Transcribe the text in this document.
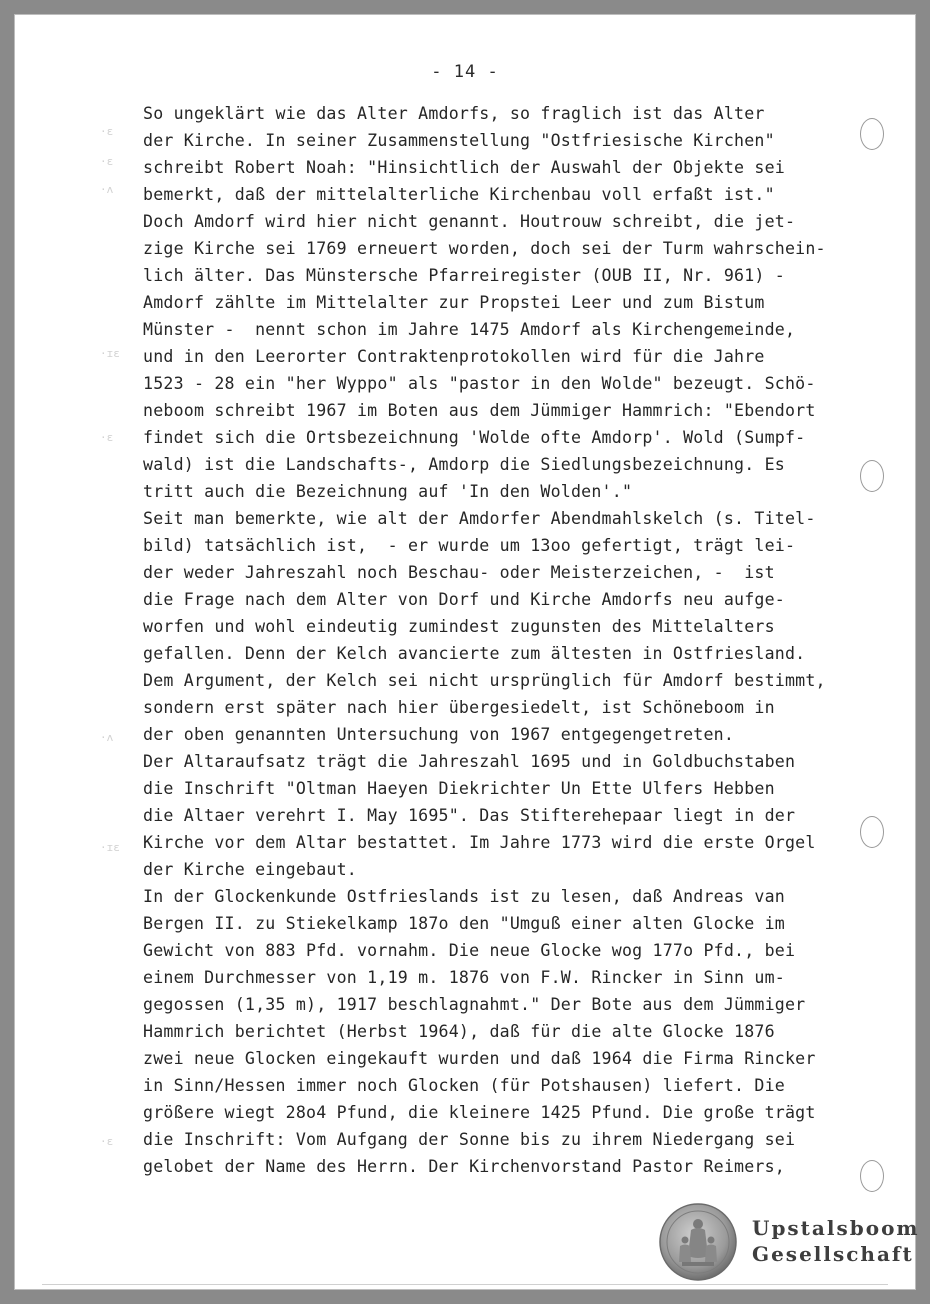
- 14 -
·ɛ
·ɛ
·ʌ
·ɪɛ
·ɛ
·ʌ
·ɪɛ
·ɛ
So ungeklärt wie das Alter Amdorfs, so fraglich ist das Alter
der Kirche. In seiner Zusammenstellung "Ostfriesische Kirchen"
schreibt Robert Noah: "Hinsichtlich der Auswahl der Objekte sei
bemerkt, daß der mittelalterliche Kirchenbau voll erfaßt ist."
Doch Amdorf wird hier nicht genannt. Houtrouw schreibt, die jet-
zige Kirche sei 1769 erneuert worden, doch sei der Turm wahrschein-
lich älter. Das Münstersche Pfarreiregister (OUB II, Nr. 961) -
Amdorf zählte im Mittelalter zur Propstei Leer und zum Bistum
Münster -  nennt schon im Jahre 1475 Amdorf als Kirchengemeinde,
und in den Leerorter Contraktenprotokollen wird für die Jahre
1523 - 28 ein "her Wyppo" als "pastor in den Wolde" bezeugt. Schö-
neboom schreibt 1967 im Boten aus dem Jümmiger Hammrich: "Ebendort
findet sich die Ortsbezeichnung 'Wolde ofte Amdorp'. Wold (Sumpf-
wald) ist die Landschafts-, Amdorp die Siedlungsbezeichnung. Es
tritt auch die Bezeichnung auf 'In den Wolden'."
Seit man bemerkte, wie alt der Amdorfer Abendmahlskelch (s. Titel-
bild) tatsächlich ist,  - er wurde um 13oo gefertigt, trägt lei-
der weder Jahreszahl noch Beschau- oder Meisterzeichen, -  ist
die Frage nach dem Alter von Dorf und Kirche Amdorfs neu aufge-
worfen und wohl eindeutig zumindest zugunsten des Mittelalters
gefallen. Denn der Kelch avancierte zum ältesten in Ostfriesland.
Dem Argument, der Kelch sei nicht ursprünglich für Amdorf bestimmt,
sondern erst später nach hier übergesiedelt, ist Schöneboom in
der oben genannten Untersuchung von 1967 entgegengetreten.
Der Altaraufsatz trägt die Jahreszahl 1695 und in Goldbuchstaben
die Inschrift "Oltman Haeyen Diekrichter Un Ette Ulfers Hebben
die Altaer verehrt I. May 1695". Das Stifterehepaar liegt in der
Kirche vor dem Altar bestattet. Im Jahre 1773 wird die erste Orgel
der Kirche eingebaut.
In der Glockenkunde Ostfrieslands ist zu lesen, daß Andreas van
Bergen II. zu Stiekelkamp 187o den "Umguß einer alten Glocke im
Gewicht von 883 Pfd. vornahm. Die neue Glocke wog 177o Pfd., bei
einem Durchmesser von 1,19 m. 1876 von F.W. Rincker in Sinn um-
gegossen (1,35 m), 1917 beschlagnahmt." Der Bote aus dem Jümmiger
Hammrich berichtet (Herbst 1964), daß für die alte Glocke 1876
zwei neue Glocken eingekauft wurden und daß 1964 die Firma Rincker
in Sinn/Hessen immer noch Glocken (für Potshausen) liefert. Die
größere wiegt 28o4 Pfund, die kleinere 1425 Pfund. Die große trägt
die Inschrift: Vom Aufgang der Sonne bis zu ihrem Niedergang sei
gelobet der Name des Herrn. Der Kirchenvorstand Pastor Reimers,
Upstalsboom
Gesellschaft
